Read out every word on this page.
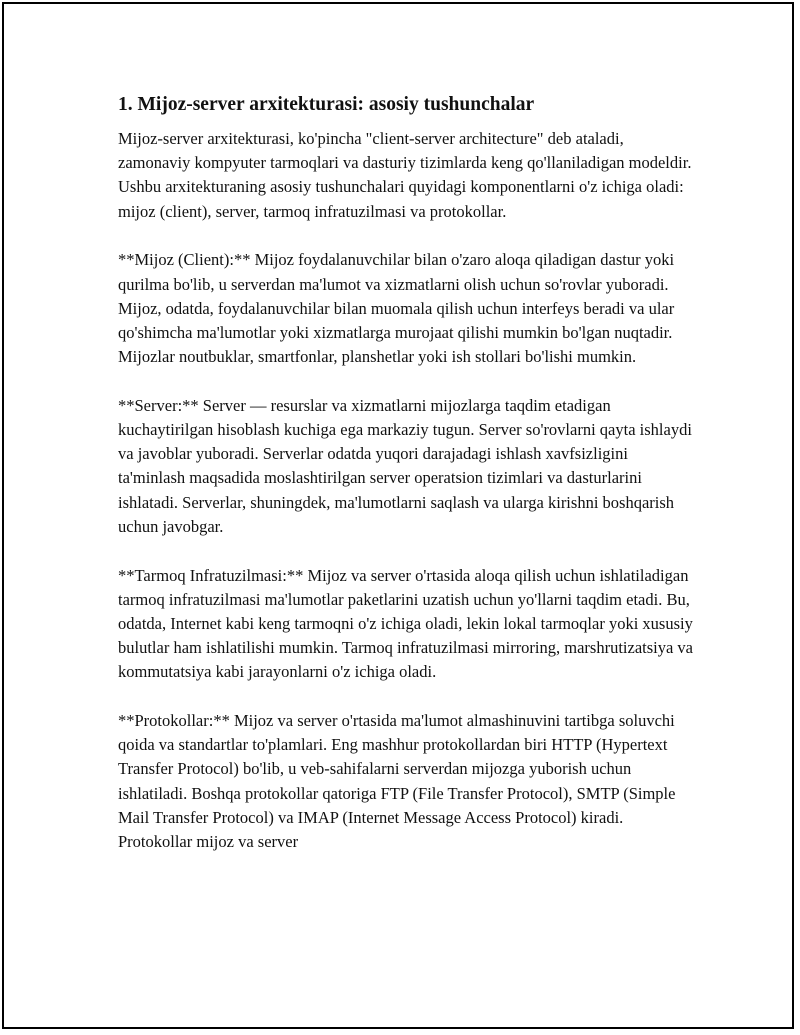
1. Mijoz-server arxitekturasi: asosiy tushunchalar

Mijoz-server arxitekturasi, ko'pincha "client-server architecture" deb ataladi, zamonaviy kompyuter tarmoqlari va dasturiy tizimlarda keng qo'llaniladigan modeldir. Ushbu arxitekturaning asosiy tushunchalari quyidagi komponentlarni o'z ichiga oladi: mijoz (client), server, tarmoq infratuzilmasi va protokollar.

**Mijoz (Client):** Mijoz foydalanuvchilar bilan o'zaro aloqa qiladigan dastur yoki qurilma bo'lib, u serverdan ma'lumot va xizmatlarni olish uchun so'rovlar yuboradi. Mijoz, odatda, foydalanuvchilar bilan muomala qilish uchun interfeys beradi va ular qo'shimcha ma'lumotlar yoki xizmatlarga murojaat qilishi mumkin bo'lgan nuqtadir. Mijozlar noutbuklar, smartfonlar, planshetlar yoki ish stollari bo'lishi mumkin.

**Server:** Server — resurslar va xizmatlarni mijozlarga taqdim etadigan kuchaytirilgan hisoblash kuchiga ega markaziy tugun. Server so'rovlarni qayta ishlaydi va javoblar yuboradi. Serverlar odatda yuqori darajadagi ishlash xavfsizligini ta'minlash maqsadida moslashtirilgan server operatsion tizimlari va dasturlarini ishlatadi. Serverlar, shuningdek, ma'lumotlarni saqlash va ularga kirishni boshqarish uchun javobgar.

**Tarmoq Infratuzilmasi:** Mijoz va server o'rtasida aloqa qilish uchun ishlatiladigan tarmoq infratuzilmasi ma'lumotlar paketlarini uzatish uchun yo'llarni taqdim etadi. Bu, odatda, Internet kabi keng tarmoqni o'z ichiga oladi, lekin lokal tarmoqlar yoki xususiy bulutlar ham ishlatilishi mumkin. Tarmoq infratuzilmasi mirroring, marshrutizatsiya va kommutatsiya kabi jarayonlarni o'z ichiga oladi.

**Protokollar:** Mijoz va server o'rtasida ma'lumot almashinuvini tartibga soluvchi qoida va standartlar to'plamlari. Eng mashhur protokollardan biri HTTP (Hypertext Transfer Protocol) bo'lib, u veb-sahifalarni serverdan mijozga yuborish uchun ishlatiladi. Boshqa protokollar qatoriga FTP (File Transfer Protocol), SMTP (Simple Mail Transfer Protocol) va IMAP (Internet Message Access Protocol) kiradi. Protokollar mijoz va server
